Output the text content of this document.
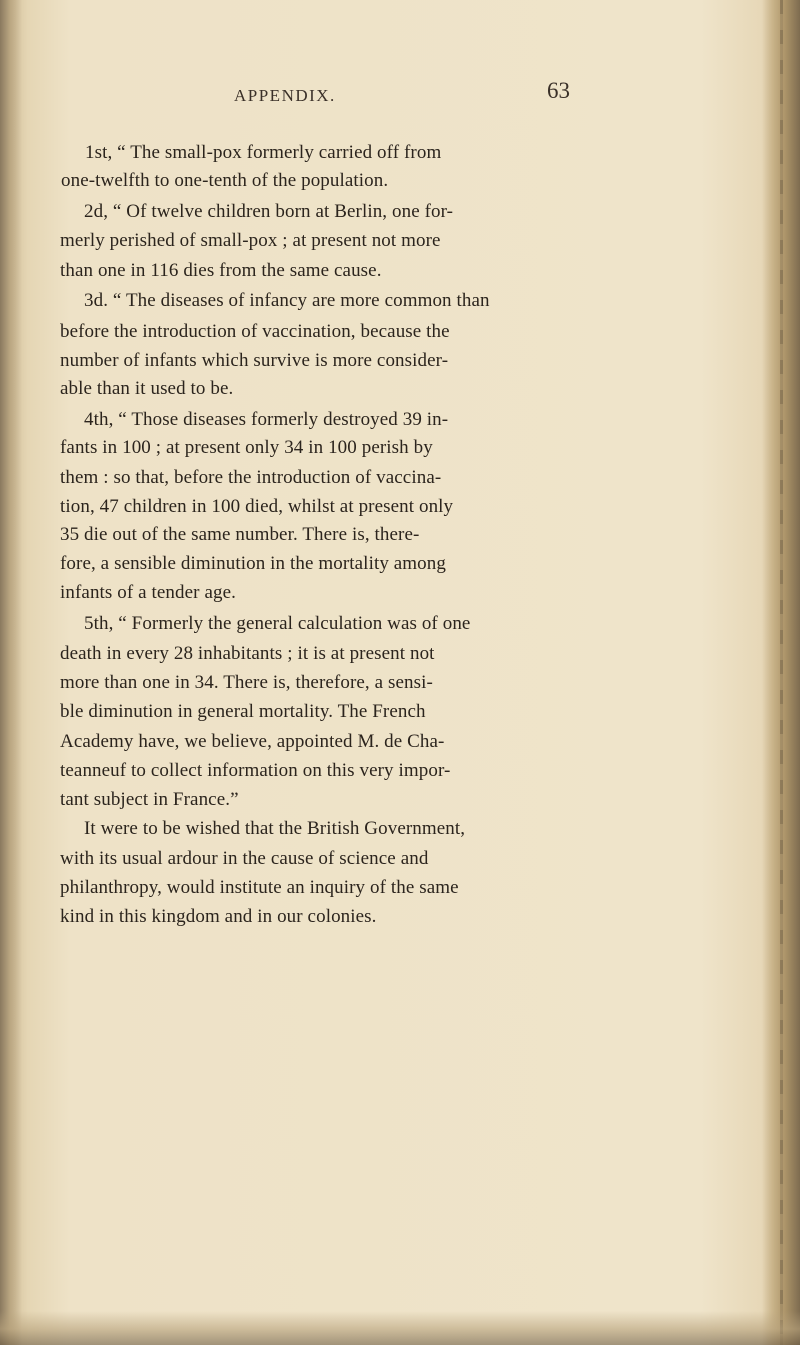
APPENDIX.	63
1st, “ The small-pox formerly carried off from
one-twelfth to one-tenth of the population.
2d, “ Of twelve children born at Berlin, one for-
merly perished of small-pox ; at present not more
than one in 116 dies from the same cause.
3d. “ The diseases of infancy are more common than
before the introduction of vaccination, because the
number of infants which survive is more consider-
able than it used to be.
4th, “ Those diseases formerly destroyed 39 in-
fants in 100 ; at present only 34 in 100 perish by
them : so that, before the introduction of vaccina-
tion, 47 children in 100 died, whilst at present only
35 die out of the same number. There is, there-
fore, a sensible diminution in the mortality among
infants of a tender age.
5th, “ Formerly the general calculation was of one
death in every 28 inhabitants ; it is at present not
more than one in 34. There is, therefore, a sensi-
ble diminution in general mortality. The French
Academy have, we believe, appointed M. de Cha-
teanneuf to collect information on this very impor-
tant subject in France.”
It were to be wished that the British Government,
with its usual ardour in the cause of science and
philanthropy, would institute an inquiry of the same
kind in this kingdom and in our colonies.
